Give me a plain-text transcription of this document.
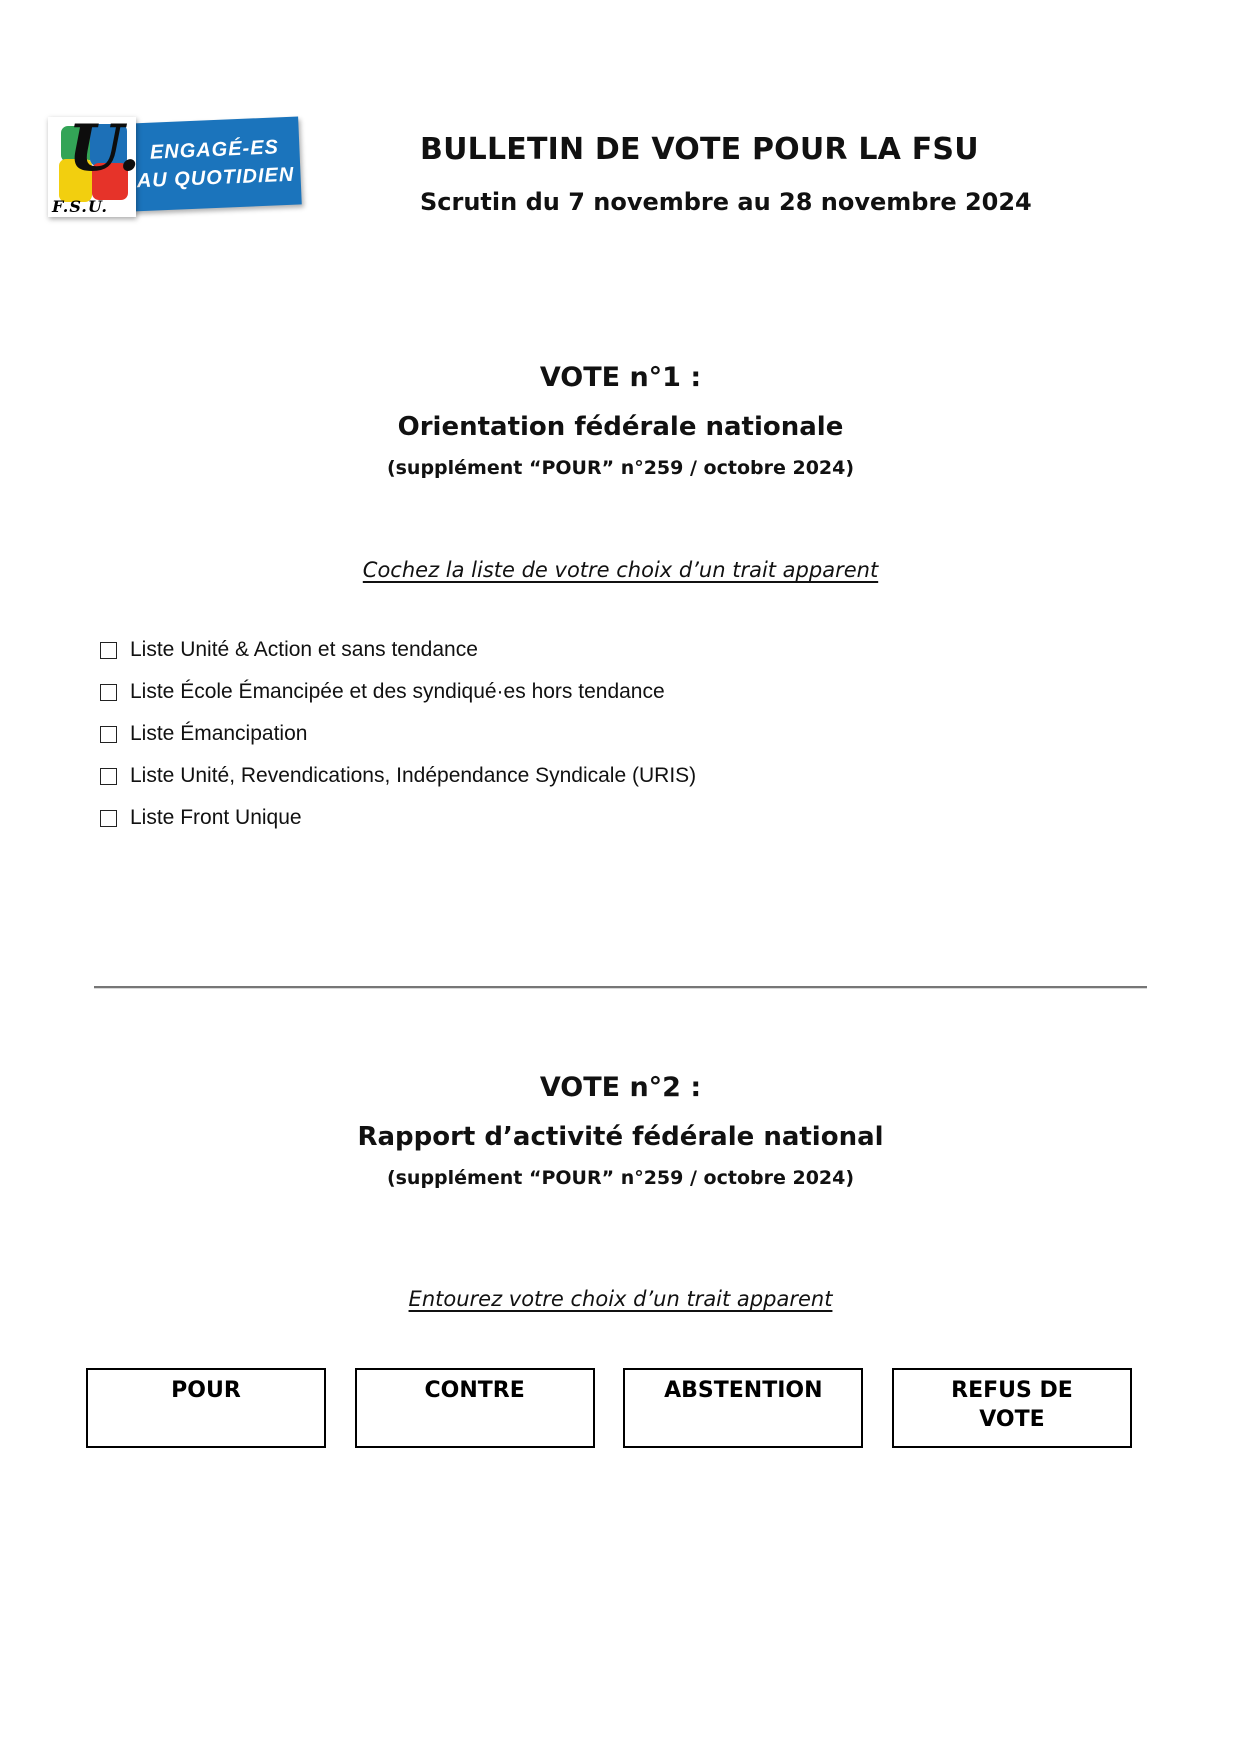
ENGAGÉ-ES
AU QUOTIDIEN
U.
F.S.U.
BULLETIN DE VOTE POUR LA FSU
Scrutin du 7 novembre au 28 novembre 2024
VOTE n°1 :
Orientation fédérale nationale
(supplément “POUR” n°259 / octobre 2024)
Cochez la liste de votre choix d’un trait apparent
Liste Unité & Action et sans tendance
Liste École Émancipée et des syndiqué·es hors tendance
Liste Émancipation
Liste Unité, Revendications, Indépendance Syndicale (URIS)
Liste Front Unique
VOTE n°2 :
Rapport d’activité fédérale national
(supplément “POUR” n°259 / octobre 2024)
Entourez votre choix d’un trait apparent
POUR	CONTRE	ABSTENTION	REFUS DE VOTE
